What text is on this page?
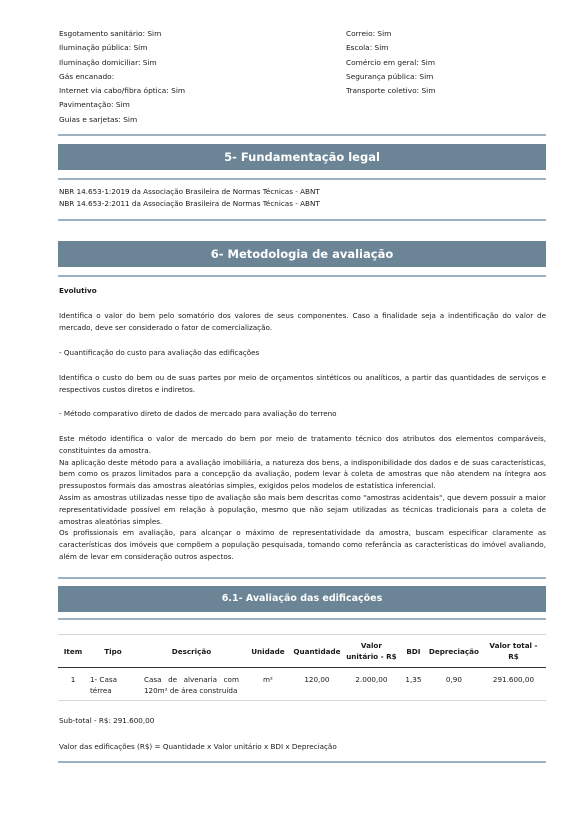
Esgotamento sanitário: Sim
Iluminação pública: Sim
Iluminação domiciliar: Sim
Gás encanado:
Internet via cabo/fibra óptica: Sim
Pavimentação: Sim
Guias e sarjetas: Sim
Correio: Sim
Escola: Sim
Comércio em geral: Sim
Segurança pública: Sim
Transporte coletivo: Sim
5- Fundamentação legal
NBR 14.653-1:2019 da Associação Brasileira de Normas Técnicas - ABNT
NBR 14.653-2:2011 da Associação Brasileira de Normas Técnicas - ABNT
6- Metodologia de avaliação
Evolutivo
Identifica o valor do bem pelo somatório dos valores de seus componentes. Caso a finalidade seja a indentificação do valor de mercado, deve ser considerado o fator de comercialização.
- Quantificação do custo para avaliação das edificações
Identifica o custo do bem ou de suas partes por meio de orçamentos sintéticos ou analíticos, a partir das quantidades de serviços e respectivos custos diretos e indiretos.
- Método comparativo direto de dados de mercado para avaliação do terreno
Este método identifica o valor de mercado do bem por meio de tratamento técnico dos atributos dos elementos comparáveis, constituintes da amostra.
Na aplicação deste método para a avaliação imobiliária, a natureza dos bens, a indisponibilidade dos dados e de suas características, bem como os prazos limitados para a concepção da avaliação, podem levar à coleta de amostras que não atendem na íntegra aos pressupostos formais das amostras aleatórias simples, exigidos pelos modelos de estatística inferencial.
Assim as amostras utilizadas nesse tipo de avaliação são mais bem descritas como "amostras acidentais", que devem possuir a maior representatividade possível em relação à população, mesmo que não sejam utilizadas as técnicas tradicionais para a coleta de amostras aleatórias simples.
Os profissionais em avaliação, para alcançar o máximo de representatividade da amostra, buscam especificar claramente as características dos imóveis que compõem a população pesquisada, tomando como referância as características do imóvel avaliando, além de levar em consideração outros aspectos.
6.1- Avaliação das edificações
Item	Tipo	Descrição	Unidade	Quantidade	Valor unitário - R$	BDI	Depreciação	Valor total - R$
1	1- Casa térrea	Casa de alvenaria com 120m² de área construída	m²	120,00	2.000,00	1,35	0,90	291.600,00
Sub-total - R$: 291.600,00
Valor das edificações (R$) = Quantidade x Valor unitário x BDI x Depreciação
